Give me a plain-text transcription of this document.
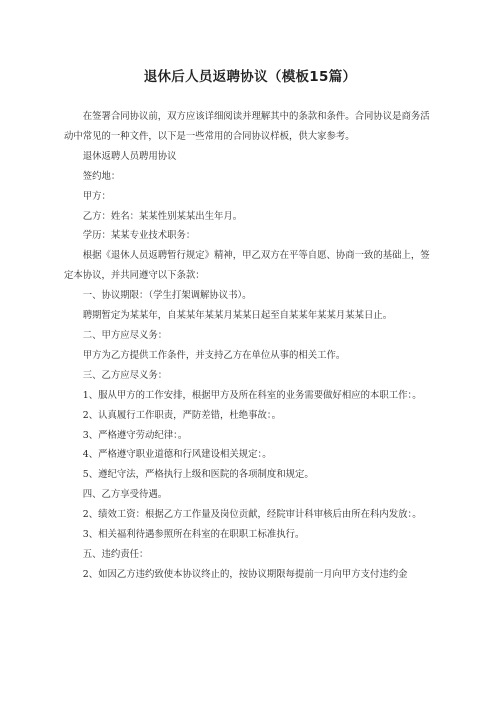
退休后人员返聘协议（模板15篇）

在签署合同协议前，双方应该详细阅读并理解其中的条款和条件。合同协议是商务活动中常见的一种文件，以下是一些常用的合同协议样板，供大家参考。

退休返聘人员聘用协议

签约地：

甲方：

乙方：姓名：某某性别某某出生年月。

学历：某某专业技术职务：

根据《退休人员返聘暂行规定》精神，甲乙双方在平等自愿、协商一致的基础上，签定本协议，并共同遵守以下条款：

一、协议期限：（学生打架调解协议书）。

聘期暂定为某某年，自某某年某某月某某日起至自某某年某某月某某日止。

二、甲方应尽义务：

甲方为乙方提供工作条件，并支持乙方在单位从事的相关工作。

三、乙方应尽义务：

1、服从甲方的工作安排，根据甲方及所在科室的业务需要做好相应的本职工作：。

2、认真履行工作职责，严防差错，杜绝事故：。

3、严格遵守劳动纪律：。

4、严格遵守职业道德和行风建设相关规定：。

5、遵纪守法，严格执行上级和医院的各项制度和规定。

四、乙方享受待遇。

2、绩效工资：根据乙方工作量及岗位贡献，经院审计科审核后由所在科内发放：。

3、相关福利待遇参照所在科室的在职职工标准执行。

五、违约责任：

2、如因乙方违约致使本协议终止的，按协议期限每提前一月向甲方支付违约金
